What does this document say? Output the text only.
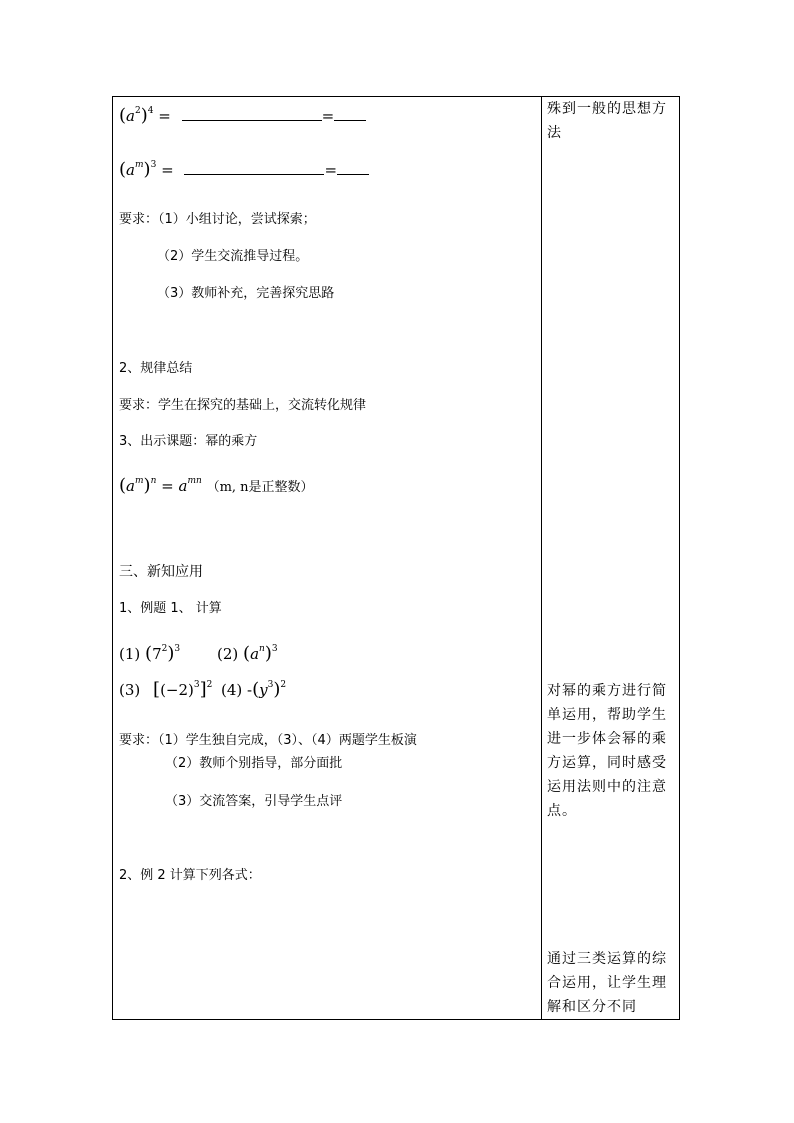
$(a^2)^4$ =	=
$(a^m)^3$ =	=
要求：（1）小组讨论，尝试探索；
（2）学生交流推导过程。
（3）教师补充，完善探究思路
2、规律总结
要求：学生在探究的基础上，交流转化规律
3、出示课题：幂的乘方
$(a^m)^n = a^{mn}$ （m, n是正整数）
三、新知应用
1、例题 1、 计算
(1) $(7^2)^3$ (2) $(a^n)^3$
(3) $[(-2)^3]^2$ (4) $-(y^3)^2$
要求：（1）学生独自完成，（3）、（4）两题学生板演
（2）教师个别指导，部分面批
（3）交流答案，引导学生点评
2、例 2 计算下列各式：
殊到一般的思想方法
对幂的乘方进行简单运用，帮助学生进一步体会幂的乘方运算，同时感受运用法则中的注意点。
通过三类运算的综合运用，让学生理解和区分不同
